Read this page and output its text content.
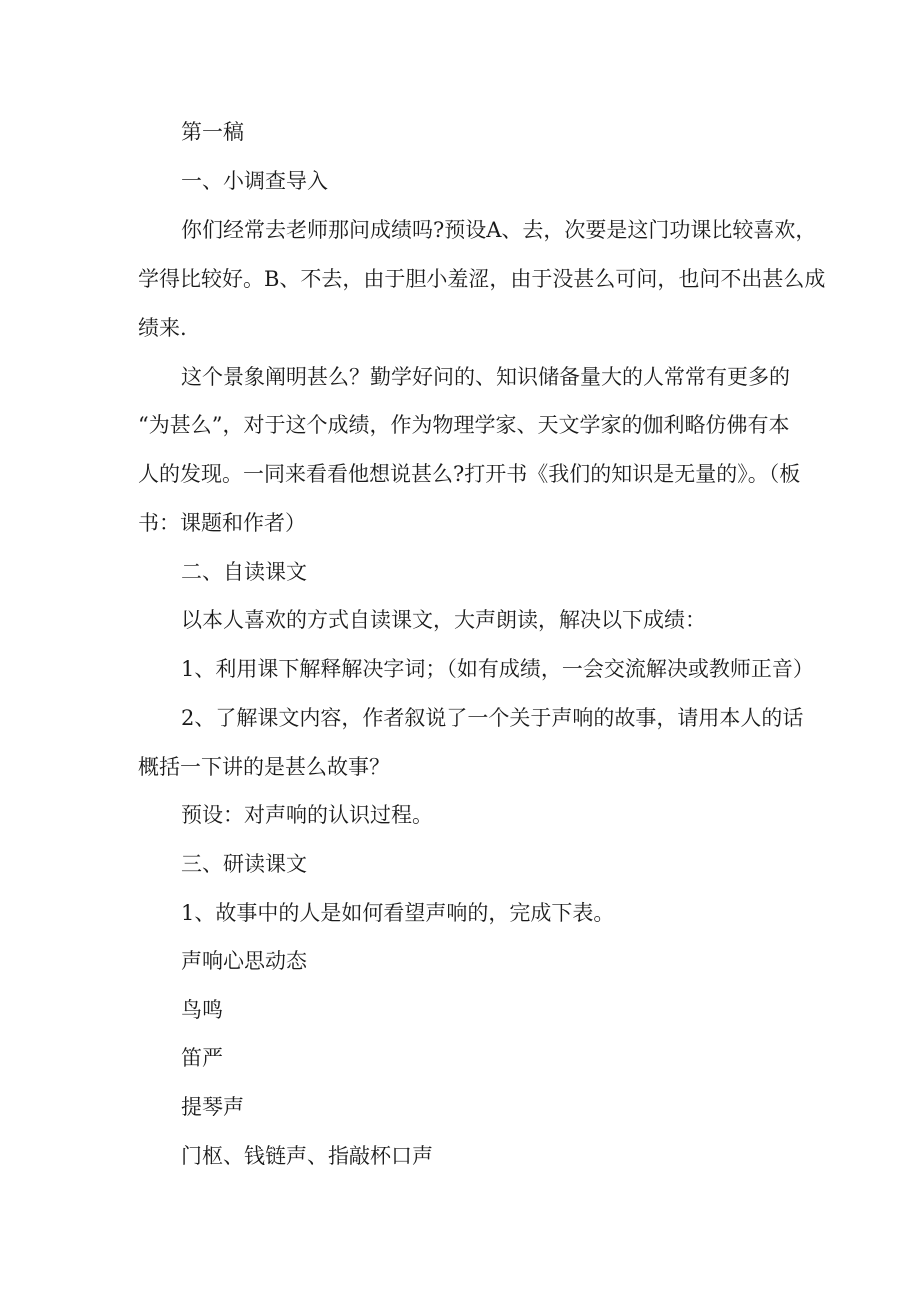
第一稿
一、小调查导入
你们经常去老师那问成绩吗?预设A、去，次要是这门功课比较喜欢，
学得比较好。B、不去，由于胆小羞涩，由于没甚么可问，也问不出甚么成
绩来.
这个景象阐明甚么？勤学好问的、知识储备量大的人常常有更多的
“为甚么”，对于这个成绩，作为物理学家、天文学家的伽利略仿佛有本
人的发现。一同来看看他想说甚么?打开书《我们的知识是无量的》。（板
书：课题和作者）
二、自读课文
以本人喜欢的方式自读课文，大声朗读，解决以下成绩：
1、利用课下解释解决字词；（如有成绩，一会交流解决或教师正音）
2、了解课文内容，作者叙说了一个关于声响的故事，请用本人的话
概括一下讲的是甚么故事？
预设：对声响的认识过程。
三、研读课文
1、故事中的人是如何看望声响的，完成下表。
声响心思动态
鸟鸣
笛严
提琴声
门枢、钱链声、指敲杯口声
